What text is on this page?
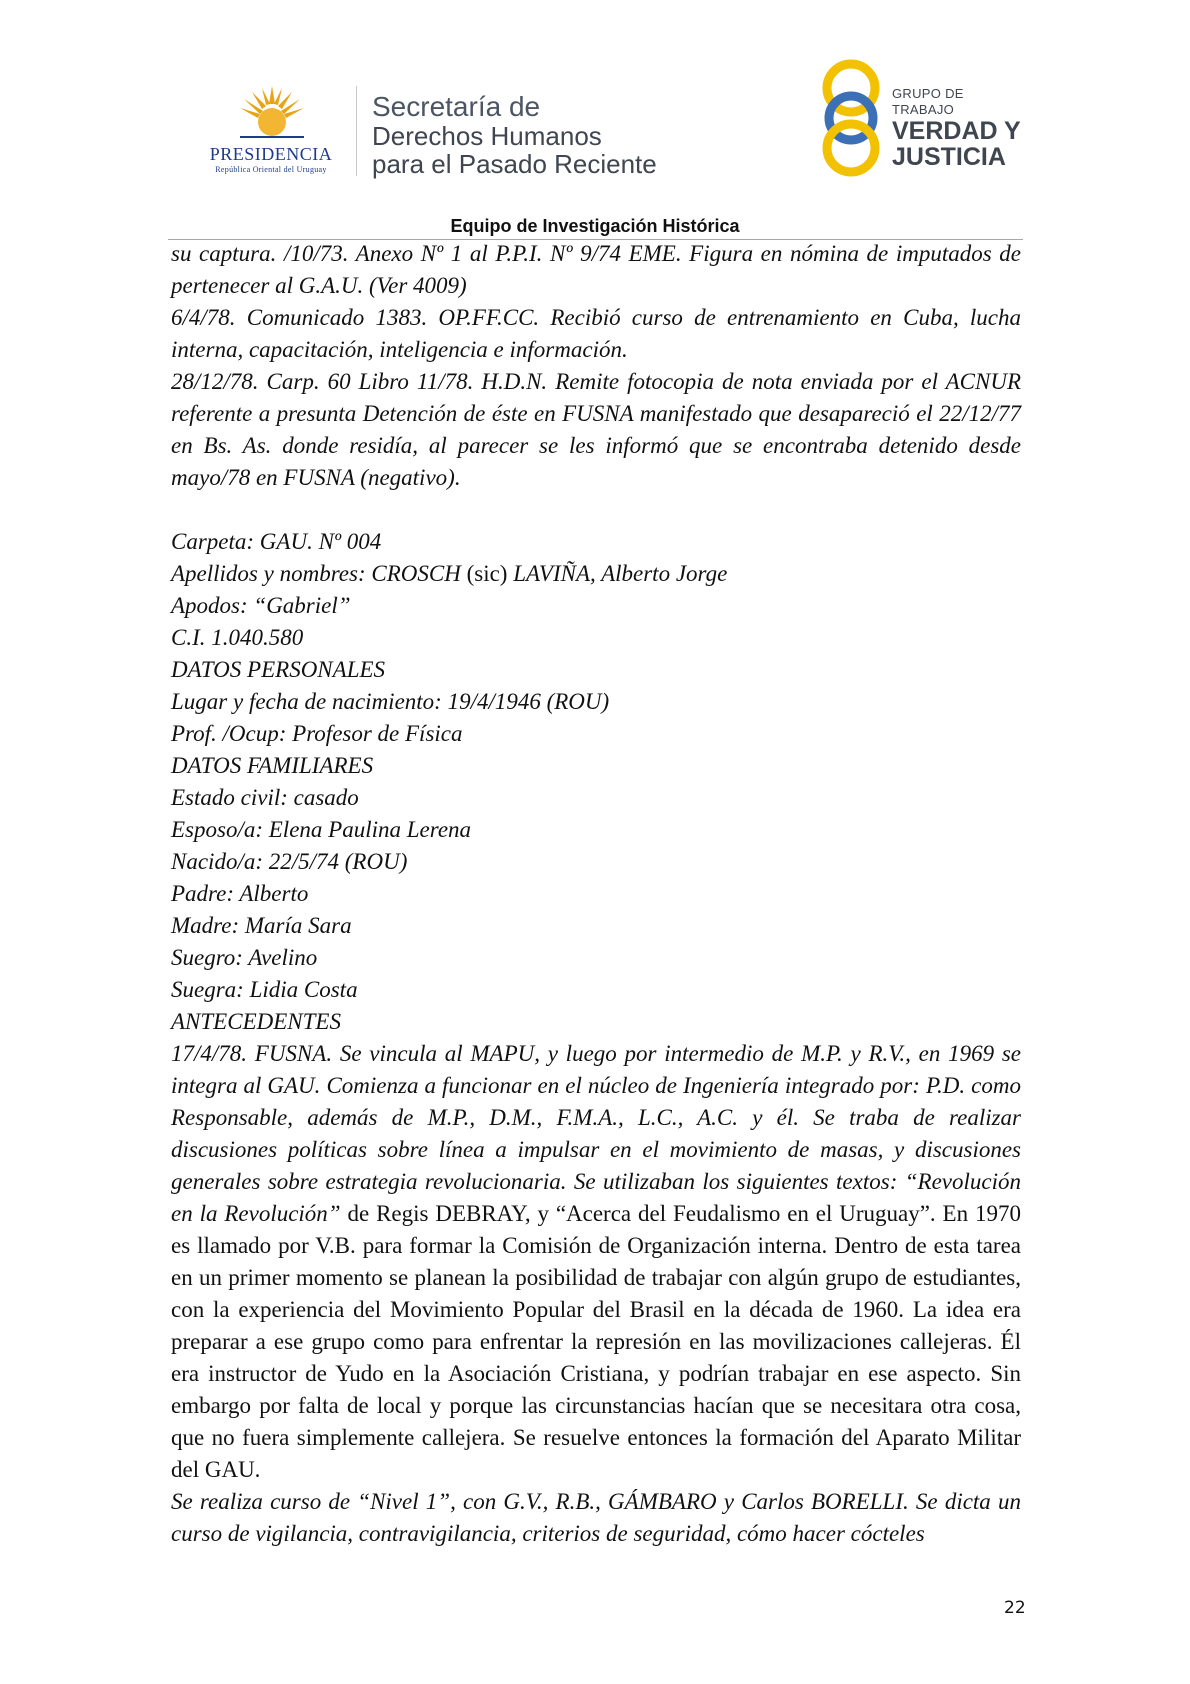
PRESIDENCIA
República Oriental del Uruguay
Secretaría de
Derechos Humanos
para el Pasado Reciente
GRUPO DE TRABAJO
VERDAD Y
JUSTICIA
Equipo de Investigación Histórica

su captura. /10/73. Anexo Nº 1 al P.P.I. Nº 9/74 EME. Figura en nómina de imputados de pertenecer al G.A.U. (Ver 4009)

6/4/78. Comunicado 1383. OP.FF.CC. Recibió curso de entrenamiento en Cuba, lucha interna, capacitación, inteligencia e información.

28/12/78. Carp. 60 Libro 11/78. H.D.N. Remite fotocopia de nota enviada por el ACNUR referente a presunta Detención de éste en FUSNA manifestado que desapareció el 22/12/77 en Bs. As. donde residía, al parecer se les informó que se encontraba detenido desde mayo/78 en FUSNA (negativo).

Carpeta: GAU. Nº 004

Apellidos y nombres: CROSCH (sic) LAVIÑA, Alberto Jorge

Apodos: “Gabriel”

C.I. 1.040.580

DATOS PERSONALES

Lugar y fecha de nacimiento: 19/4/1946 (ROU)

Prof. /Ocup: Profesor de Física

DATOS FAMILIARES

Estado civil: casado

Esposo/a: Elena Paulina Lerena

Nacido/a: 22/5/74 (ROU)

Padre: Alberto

Madre: María Sara

Suegro: Avelino

Suegra: Lidia Costa

ANTECEDENTES

17/4/78. FUSNA. Se vincula al MAPU, y luego por intermedio de M.P. y R.V., en 1969 se integra al GAU. Comienza a funcionar en el núcleo de Ingeniería integrado por: P.D. como Responsable, además de M.P., D.M., F.M.A., L.C., A.C. y él. Se traba de realizar discusiones políticas sobre línea a impulsar en el movimiento de masas, y discusiones generales sobre estrategia revolucionaria. Se utilizaban los siguientes textos: “Revolución en la Revolución” de Regis DEBRAY, y “Acerca del Feudalismo en el Uruguay”. En 1970 es llamado por V.B. para formar la Comisión de Organización interna. Dentro de esta tarea en un primer momento se planean la posibilidad de trabajar con algún grupo de estudiantes, con la experiencia del Movimiento Popular del Brasil en la década de 1960. La idea era preparar a ese grupo como para enfrentar la represión en las movilizaciones callejeras. Él era instructor de Yudo en la Asociación Cristiana, y podrían trabajar en ese aspecto. Sin embargo por falta de local y porque las circunstancias hacían que se necesitara otra cosa, que no fuera simplemente callejera. Se resuelve entonces la formación del Aparato Militar del GAU.

Se realiza curso de “Nivel 1”, con G.V., R.B., GÁMBARO y Carlos BORELLI. Se dicta un curso de vigilancia, contravigilancia, criterios de seguridad, cómo hacer cócteles

22
